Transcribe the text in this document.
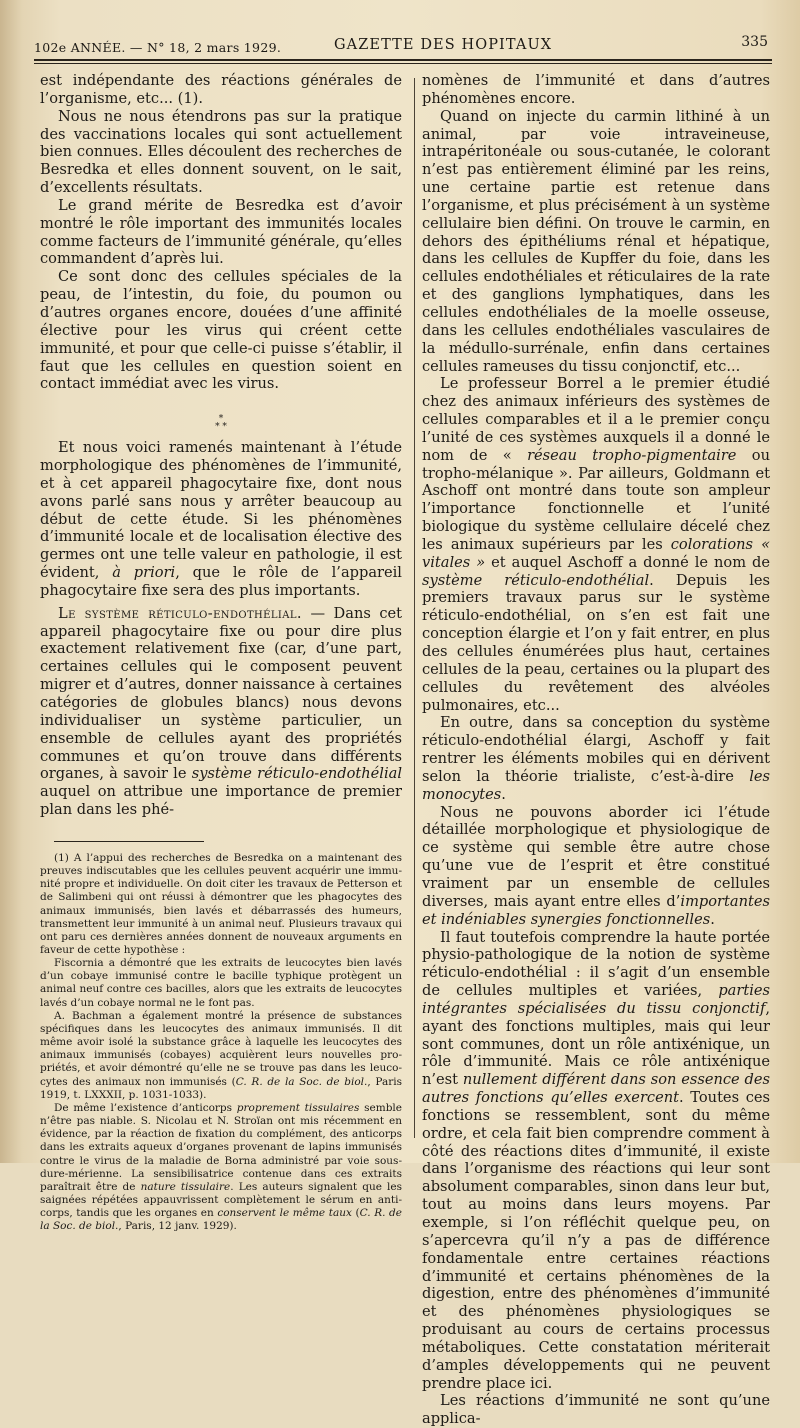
102e ANNÉE. — N° 18, 2 mars 1929.	GAZETTE DES HOPITAUX	335

est indépendante des réactions générales de l’organisme, etc... (1).

Nous ne nous étendrons pas sur la pratique des vaccinations locales qui sont actuellement bien connues. Elles découlent des recherches de Besredka et elles donnent souvent, on le sait, d’excellents résultats.

Le grand mérite de Besredka est d’avoir montré le rôle important des immunités locales comme facteurs de l’immunité générale, qu’elles commandent d’après lui.

Ce sont donc des cellules spéciales de la peau, de l’intestin, du foie, du poumon ou d’autres organes encore, douées d’une affinité élective pour les virus qui créent cette immunité, et pour que celle-ci puisse s’établir, il faut que les cellules en question soient en contact immédiat avec les virus.

*
* *

Et nous voici ramenés maintenant à l’étude morphologique des phénomènes de l’immunité, et à cet appareil phagocytaire fixe, dont nous avons parlé sans nous y arrêter beaucoup au début de cette étude. Si les phénomènes d’immunité locale et de localisation élective des germes ont une telle valeur en pathologie, il est évident, à priori, que le rôle de l’appareil phagocytaire fixe sera des plus importants.

Le système réticulo-endothélial. — Dans cet appareil phagocytaire fixe ou pour dire plus exactement relativement fixe (car, d’une part, certaines cellules qui le composent peuvent migrer et d’autres, donner naissance à certaines catégories de globules blancs) nous devons individualiser un système particulier, un ensemble de cellules ayant des propriétés communes et qu’on trouve dans différents organes, à savoir le système réticulo-endothélial auquel on attribue une importance de premier plan dans les phé-

(1) A l’appui des recherches de Besredka on a maintenant des preuves indiscutables que les cellules peuvent acquérir une immunité propre et individuelle. On doit citer les travaux de Petterson et de Salimbeni qui ont réussi à démontrer que les phagocytes des animaux immunisés, bien lavés et débarrassés des humeurs, transmettent leur immunité à un animal neuf. Plusieurs travaux qui ont paru ces dernières années donnent de nouveaux arguments en faveur de cette hypothèse :

Fiscornia a démontré que les extraits de leucocytes bien lavés d’un cobaye immunisé contre le bacille typhique protègent un animal neuf contre ces bacilles, alors que les extraits de leucocytes lavés d’un cobaye normal ne le font pas.

A. Bachman a également montré la présence de substances spécifiques dans les leucocytes des animaux immunisés. Il dit même avoir isolé la substance grâce à laquelle les leucocytes des animaux immunisés (cobayes) acquièrent leurs nouvelles propriétés, et avoir démontré qu’elle ne se trouve pas dans les leucocytes des animaux non immunisés (C. R. de la Soc. de biol., Paris 1919, t. LXXXII, p. 1031-1033).

De même l’existence d’anticorps proprement tissulaires semble n’être pas niable. S. Nicolau et N. Stroïan ont mis récemment en évidence, par la réaction de fixation du complément, des anticorps dans les extraits aqueux d’organes provenant de lapins immunisés contre le virus de la maladie de Borna administré par voie sousdure-mérienne. La sensibilisatrice contenue dans ces extraits paraîtrait être de nature tissulaire. Les auteurs signalent que les saignées répétées appauvrissent complètement le sérum en anticorps, tandis que les organes en conservent le même taux (C. R. de la Soc. de biol., Paris, 12 janv. 1929).

nomènes de l’immunité et dans d’autres phénomènes encore.

Quand on injecte du carmin lithiné à un animal, par voie intraveineuse, intrapéritonéale ou sous-cutanée, le colorant n’est pas entièrement éliminé par les reins, une certaine partie est retenue dans l’organisme, et plus précisément à un système cellulaire bien défini. On trouve le carmin, en dehors des épithéliums rénal et hépatique, dans les cellules de Kupffer du foie, dans les cellules endothéliales et réticulaires de la rate et des ganglions lymphatiques, dans les cellules endothéliales de la moelle osseuse, dans les cellules endothéliales vasculaires de la médullo-surrénale, enfin dans certaines cellules rameuses du tissu conjonctif, etc...

Le professeur Borrel a le premier étudié chez des animaux inférieurs des systèmes de cellules comparables et il a le premier conçu l’unité de ces systèmes auxquels il a donné le nom de « réseau tropho-pigmentaire ou tropho-mélanique ». Par ailleurs, Goldmann et Aschoff ont montré dans toute son ampleur l’importance fonctionnelle et l’unité biologique du système cellulaire décelé chez les animaux supérieurs par les colorations « vitales » et auquel Aschoff a donné le nom de système réticulo-endothélial. Depuis les premiers travaux parus sur le système réticulo-endothélial, on s’en est fait une conception élargie et l’on y fait entrer, en plus des cellules énumérées plus haut, certaines cellules de la peau, certaines ou la plupart des cellules du revêtement des alvéoles pulmonaires, etc...

En outre, dans sa conception du système réticulo-endothélial élargi, Aschoff y fait rentrer les éléments mobiles qui en dérivent selon la théorie trialiste, c’est-à-dire les monocytes.

Nous ne pouvons aborder ici l’étude détaillée morphologique et physiologique de ce système qui semble être autre chose qu’une vue de l’esprit et être constitué vraiment par un ensemble de cellules diverses, mais ayant entre elles d’importantes et indéniables synergies fonctionnelles.

Il faut toutefois comprendre la haute portée physio-pathologique de la notion de système réticulo-endothélial : il s’agit d’un ensemble de cellules multiples et variées, parties intégrantes spécialisées du tissu conjonctif, ayant des fonctions multiples, mais qui leur sont communes, dont un rôle antixénique, un rôle d’immunité. Mais ce rôle antixénique n’est nullement différent dans son essence des autres fonctions qu’elles exercent. Toutes ces fonctions se ressemblent, sont du même ordre, et cela fait bien comprendre comment à côté des réactions dites d’immunité, il existe dans l’organisme des réactions qui leur sont absolument comparables, sinon dans leur but, tout au moins dans leurs moyens. Par exemple, si l’on réfléchit quelque peu, on s’apercevra qu’il n’y a pas de différence fondamentale entre certaines réactions d’immunité et certains phénomènes de la digestion, entre des phénomènes d’immunité et des phénomènes physiologiques se produisant au cours de certains processus métaboliques. Cette constatation mériterait d’amples développements qui ne peuvent prendre place ici.

Les réactions d’immunité ne sont qu’une applica-
